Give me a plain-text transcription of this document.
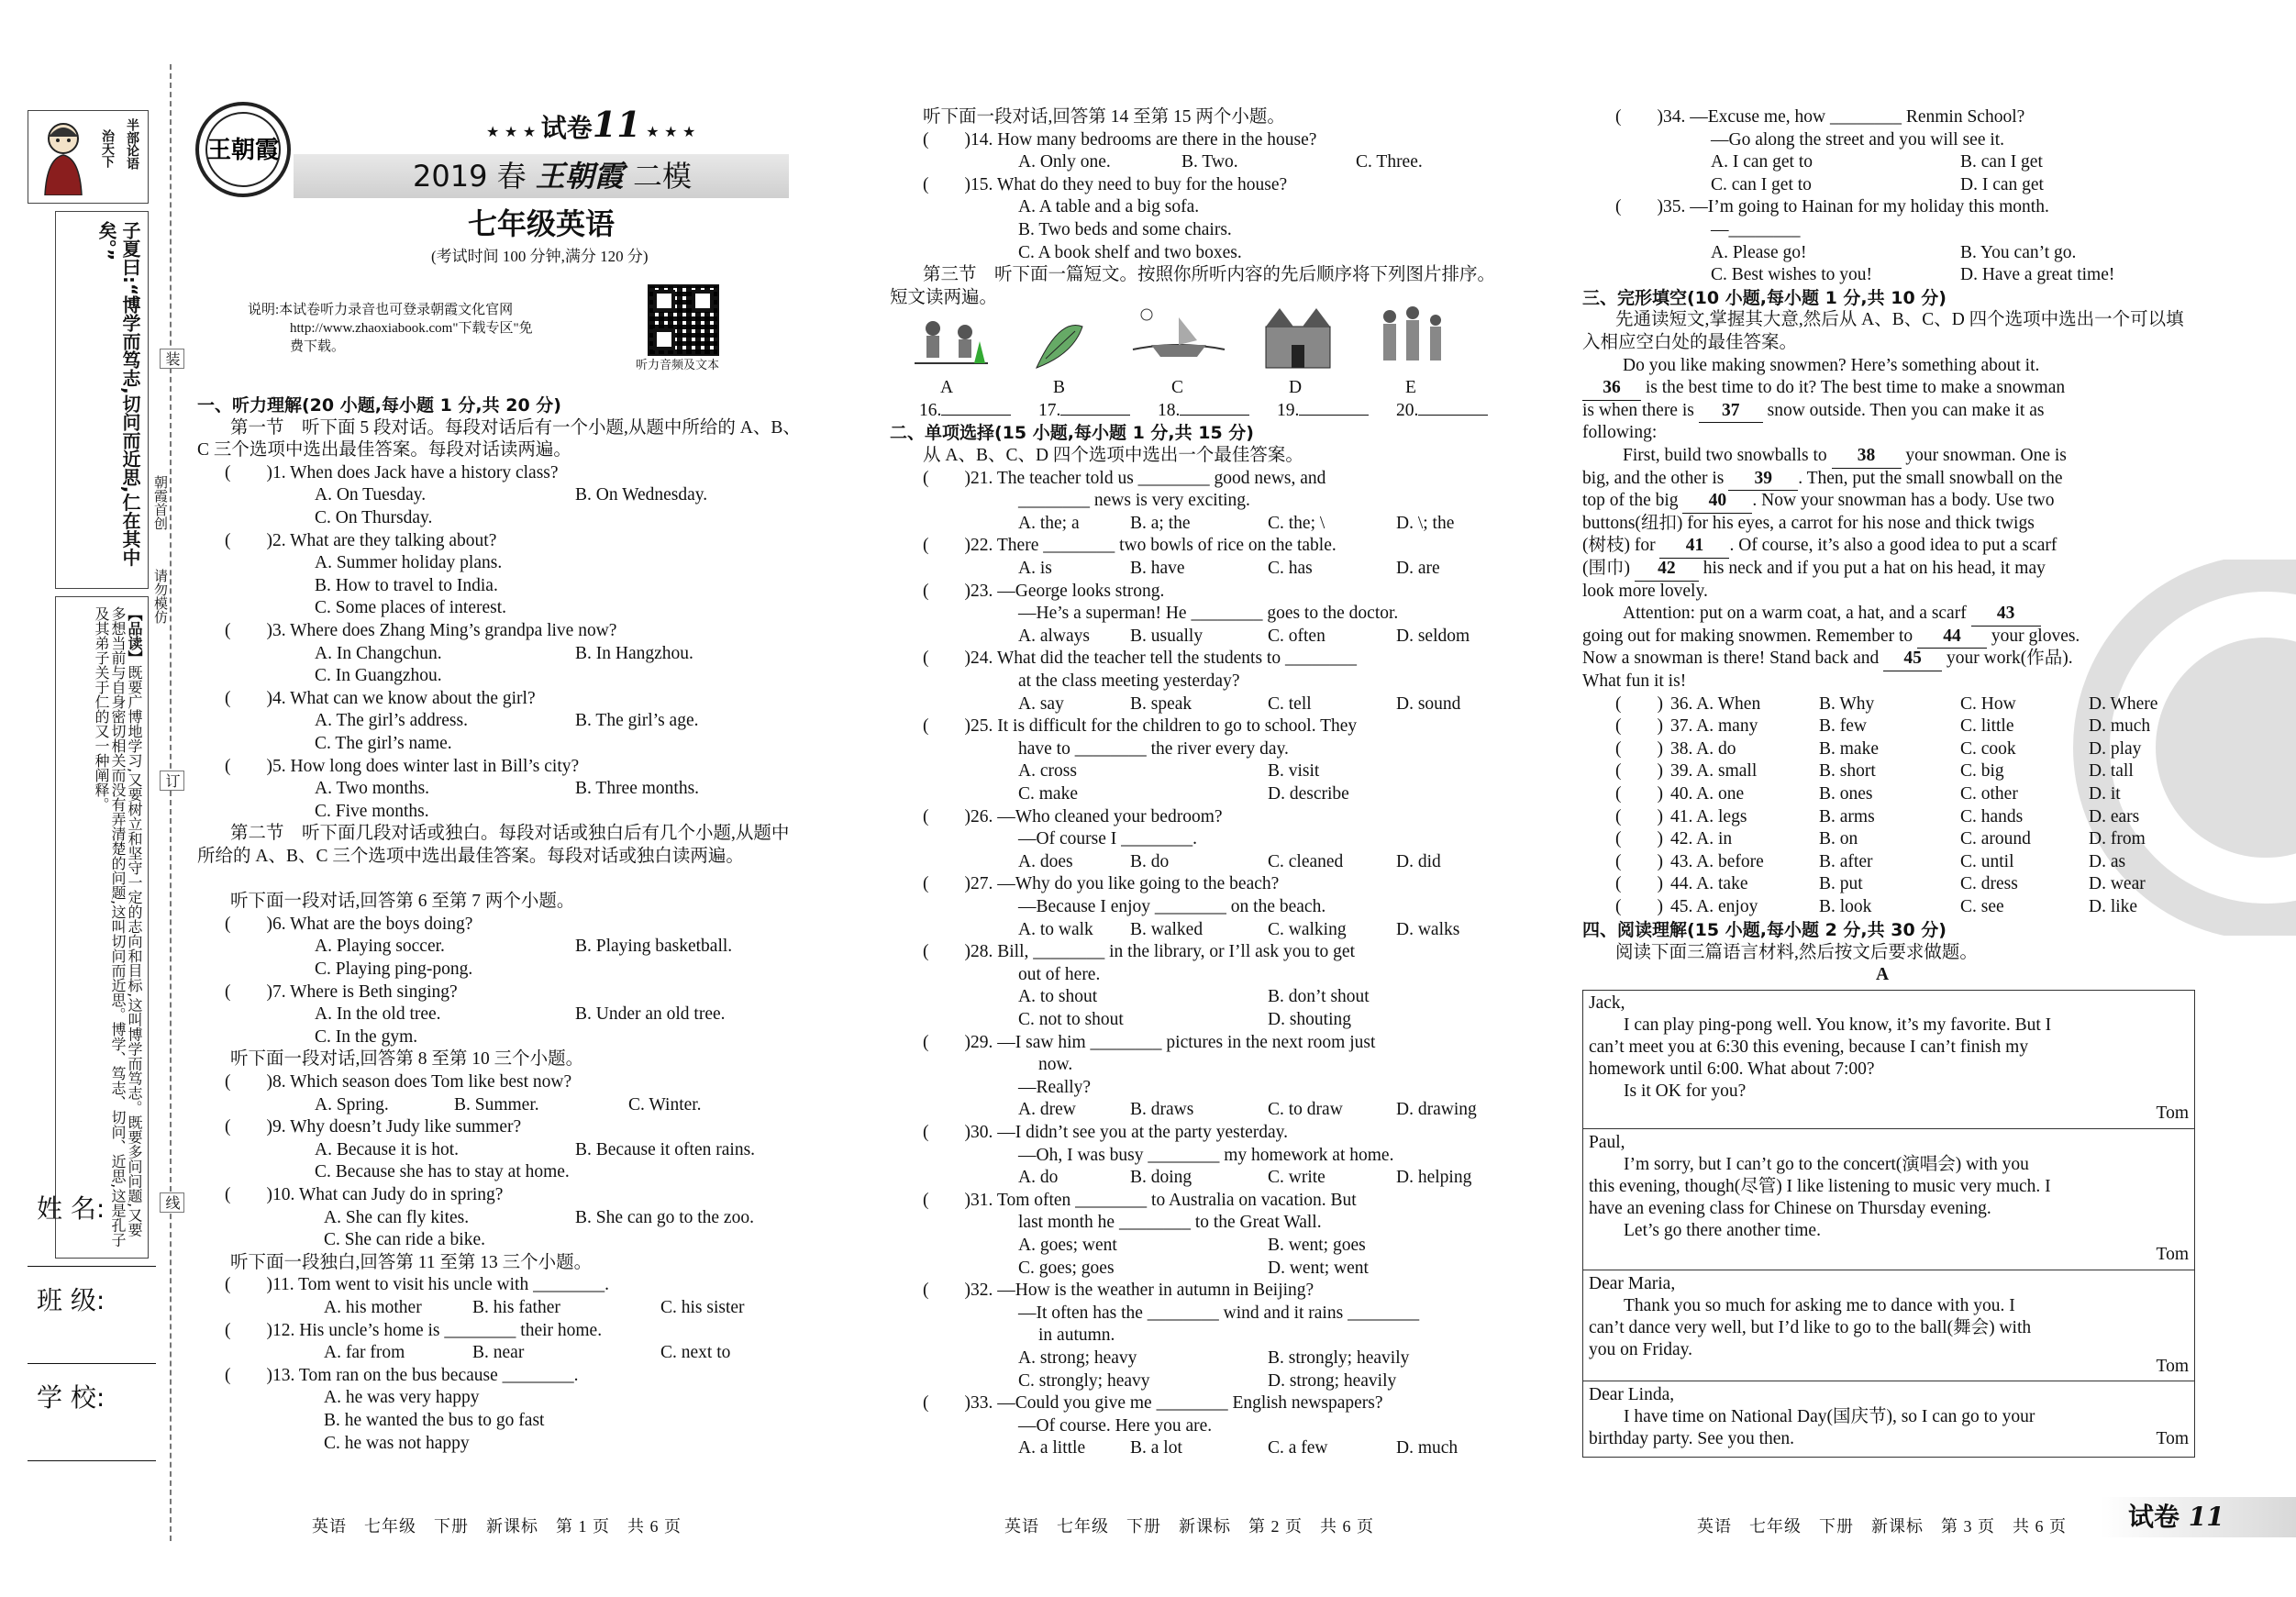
治天下
半部论语
子夏曰:“博学而笃志,切问而近思,仁在其中矣。”
【品读】既要广博地学习,又要树立和坚守一定的志向和目标,这叫博学而笃志。既要多问问题,又要多想当前与自身密切相关而没有弄清楚的问题,这叫切问而近思。博学、笃志、切问、近思,这是孔子及其弟子关于仁的又一种阐释。
姓 名:
班 级:
学 校:
装
订
线
朝霞首创
请勿模仿
王朝霞
★ ★ ★ 试卷11 ★ ★ ★
2019 春 王朝霞 二模
七年级英语
(考试时间 100 分钟,满分 120 分)
说明:本试卷听力录音也可登录朝霞文化官网
http://www.zhaoxiabook.com"下载专区"免
费下载。
听力音频及文本
一、听力理解(20 小题,每小题 1 分,共 20 分)
第一节　听下面 5 段对话。每段对话后有一个小题,从题中所给的 A、B、C 三个选项中选出最佳答案。每段对话读两遍。
(　　)1. When does Jack have a history class?
A. On Tuesday.	B. On Wednesday.
C. On Thursday.
(　　)2. What are they talking about?
A. Summer holiday plans.
B. How to travel to India.
C. Some places of interest.
(　　)3. Where does Zhang Ming’s grandpa live now?
A. In Changchun.	B. In Hangzhou.
C. In Guangzhou.
(　　)4. What can we know about the girl?
A. The girl’s address.	B. The girl’s age.
C. The girl’s name.
(　　)5. How long does winter last in Bill’s city?
A. Two months.	B. Three months.
C. Five months.
第二节　听下面几段对话或独白。每段对话或独白后有几个小题,从题中所给的 A、B、C 三个选项中选出最佳答案。每段对话或独白读两遍。
听下面一段对话,回答第 6 至第 7 两个小题。
(　　)6. What are the boys doing?
A. Playing soccer.	B. Playing basketball.
C. Playing ping-pong.
(　　)7. Where is Beth singing?
A. In the old tree.	B. Under an old tree.
C. In the gym.
听下面一段对话,回答第 8 至第 10 三个小题。
(　　)8. Which season does Tom like best now?
A. Spring.	B. Summer.	C. Winter.
(　　)9. Why doesn’t Judy like summer?
A. Because it is hot.	B. Because it often rains.
C. Because she has to stay at home.
(　　)10. What can Judy do in spring?
A. She can fly kites.	B. She can go to the zoo.
C. She can ride a bike.
听下面一段独白,回答第 11 至第 13 三个小题。
(　　)11. Tom went to visit his uncle with ________.
A. his mother	B. his father	C. his sister
(　　)12. His uncle’s home is ________ their home.
A. far from	B. near	C. next to
(　　)13. Tom ran on the bus because ________.
A. he was very happy
B. he wanted the bus to go fast
C. he was not happy
英语　七年级　下册　新课标　第 1 页　共 6 页
听下面一段对话,回答第 14 至第 15 两个小题。
(　　)14. How many bedrooms are there in the house?
A. Only one.	B. Two.	C. Three.
(　　)15. What do they need to buy for the house?
A. A table and a big sofa.
B. Two beds and some chairs.
C. A book shelf and two boxes.
第三节　听下面一篇短文。按照你所听内容的先后顺序将下列图片排序。短文读两遍。
A	B	C	D	E
16.	17.	18.	19.	20.
二、单项选择(15 小题,每小题 1 分,共 15 分)
从 A、B、C、D 四个选项中选出一个最佳答案。
(　　)21. The teacher told us ________ good news, and
________ news is very exciting.
A. the; a	B. a; the	C. the; \	D. \; the
(　　)22. There ________ two bowls of rice on the table.
A. is	B. have	C. has	D. are
(　　)23. —George looks strong.
—He’s a superman! He ________ goes to the doctor.
A. always B. usually	C. often	D. seldom
(　　)24. What did the teacher tell the students to ________
at the class meeting yesterday?
A. say	B. speak	C. tell	D. sound
(　　)25. It is difficult for the children to go to school. They
have to ________ the river every day.
A. cross	B. visit
C. make	D. describe
(　　)26. —Who cleaned your bedroom?
—Of course I ________.
A. does	B. do	C. cleaned	D. did
(　　)27. —Why do you like going to the beach?
—Because I enjoy ________ on the beach.
A. to walk B. walked	C. walking	D. walks
(　　)28. Bill, ________ in the library, or I’ll ask you to get
out of here.
A. to shout	B. don’t shout
C. not to shout	D. shouting
(　　)29. —I saw him ________ pictures in the next room just
now.
—Really?
A. drew	B. draws	C. to draw	D. drawing
(　　)30. —I didn’t see you at the party yesterday.
—Oh, I was busy ________ my homework at home.
A. do	B. doing	C. write	D. helping
(　　)31. Tom often ________ to Australia on vacation. But
last month he ________ to the Great Wall.
A. goes; went	B. went; goes
C. goes; goes	D. went; went
(　　)32. —How is the weather in autumn in Beijing?
—It often has the ________ wind and it rains ________
in autumn.
A. strong; heavy	B. strongly; heavily
C. strongly; heavy	D. strong; heavily
(　　)33. —Could you give me ________ English newspapers?
—Of course. Here you are.
A. a little	B. a lot	C. a few	D. much
英语　七年级　下册　新课标　第 2 页　共 6 页
(　　)34. —Excuse me, how ________ Renmin School?
—Go along the street and you will see it.
A. I can get to	B. can I get
C. can I get to	D. I can get
(　　)35. —I’m going to Hainan for my holiday this month.
—________
A. Please go!	B. You can’t go.
C. Best wishes to you!	D. Have a great time!
三、完形填空(10 小题,每小题 1 分,共 10 分)
先通读短文,掌握其大意,然后从 A、B、C、D 四个选项中选出一个可以填入相应空白处的最佳答案。
Do you like making snowmen? Here’s something about it.
36 is the best time to do it? The best time to make a snowman
is when there is 37 snow outside. Then you can make it as
following:
First, build two snowballs to 38 your snowman. One is
big, and the other is 39 . Then, put the small snowball on the
top of the big 40 . Now your snowman has a body. Use two
buttons(纽扣) for his eyes, a carrot for his nose and thick twigs
(树枝) for 41 . Of course, it’s also a good idea to put a scarf
(围巾) 42 his neck and if you put a hat on his head, it may
look more lovely.
Attention: put on a warm coat, a hat, and a scarf 43
going out for making snowmen. Remember to 44 your gloves.
Now a snowman is there! Stand back and 45 your work(作品).
What fun it is!
(　　) 36. A. When	B. Why	C. How	D. Where
(　　) 37. A. many	B. few	C. little	D. much
(　　) 38. A. do	B. make	C. cook	D. play
(　　) 39. A. small	B. short	C. big	D. tall
(　　) 40. A. one	B. ones	C. other	D. it
(　　) 41. A. legs	B. arms	C. hands	D. ears
(　　) 42. A. in	B. on	C. around	D. from
(　　) 43. A. before	B. after	C. until	D. as
(　　) 44. A. take	B. put	C. dress	D. wear
(　　) 45. A. enjoy	B. look	C. see	D. like
四、阅读理解(15 小题,每小题 2 分,共 30 分)
阅读下面三篇语言材料,然后按文后要求做题。
A
Jack,
I can play ping-pong well. You know, it’s my favorite. But I
can’t meet you at 6:30 this evening, because I can’t finish my
homework until 6:00. What about 7:00?
Is it OK for you?
Tom
Paul,
I’m sorry, but I can’t go to the concert(演唱会) with you
this evening, though(尽管) I like listening to music very much. I
have an evening class for Chinese on Thursday evening.
Let’s go there another time.
Tom
Dear Maria,
Thank you so much for asking me to dance with you. I
can’t dance very well, but I’d like to go to the ball(舞会) with
you on Friday.
Tom
Dear Linda,
I have time on National Day(国庆节), so I can go to your
birthday party. See you then.	Tom
英语　七年级　下册　新课标　第 3 页　共 6 页 试卷 11
